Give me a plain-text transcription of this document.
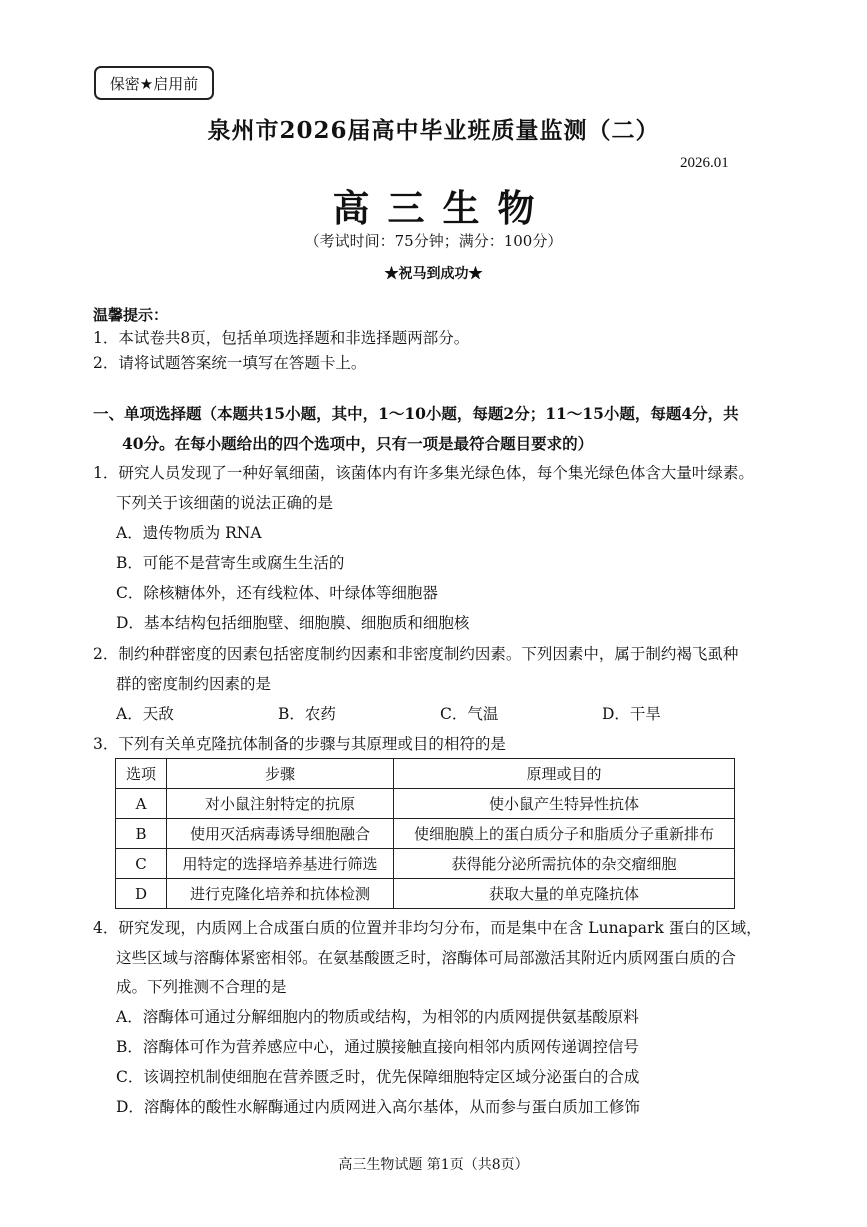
保密★启用前
泉州市2026届高中毕业班质量监测（二）
2026.01
高三生物
（考试时间：75分钟；满分：100分）
★祝马到成功★
温馨提示：
1．本试卷共8页，包括单项选择题和非选择题两部分。
2．请将试题答案统一填写在答题卡上。
一、单项选择题（本题共15小题，其中，1～10小题，每题2分；11～15小题，每题4分，共
40分。在每小题给出的四个选项中，只有一项是最符合题目要求的）
1．研究人员发现了一种好氧细菌，该菌体内有许多集光绿色体，每个集光绿色体含大量叶绿素。
下列关于该细菌的说法正确的是
A．遗传物质为 RNA
B．可能不是营寄生或腐生生活的
C．除核糖体外，还有线粒体、叶绿体等细胞器
D．基本结构包括细胞壁、细胞膜、细胞质和细胞核
2．制约种群密度的因素包括密度制约因素和非密度制约因素。下列因素中，属于制约褐飞虱种
群的密度制约因素的是
A．天敌	B．农药	C．气温	D．干旱
3．下列有关单克隆抗体制备的步骤与其原理或目的相符的是
选项	步骤	原理或目的
A	对小鼠注射特定的抗原	使小鼠产生特异性抗体
B	使用灭活病毒诱导细胞融合	使细胞膜上的蛋白质分子和脂质分子重新排布
C	用特定的选择培养基进行筛选	获得能分泌所需抗体的杂交瘤细胞
D	进行克隆化培养和抗体检测	获取大量的单克隆抗体
4．研究发现，内质网上合成蛋白质的位置并非均匀分布，而是集中在含 Lunapark 蛋白的区域，
这些区域与溶酶体紧密相邻。在氨基酸匮乏时，溶酶体可局部激活其附近内质网蛋白质的合
成。下列推测不合理的是
A．溶酶体可通过分解细胞内的物质或结构，为相邻的内质网提供氨基酸原料
B．溶酶体可作为营养感应中心，通过膜接触直接向相邻内质网传递调控信号
C．该调控机制使细胞在营养匮乏时，优先保障细胞特定区域分泌蛋白的合成
D．溶酶体的酸性水解酶通过内质网进入高尔基体，从而参与蛋白质加工修饰
高三生物试题 第1页（共8页）
